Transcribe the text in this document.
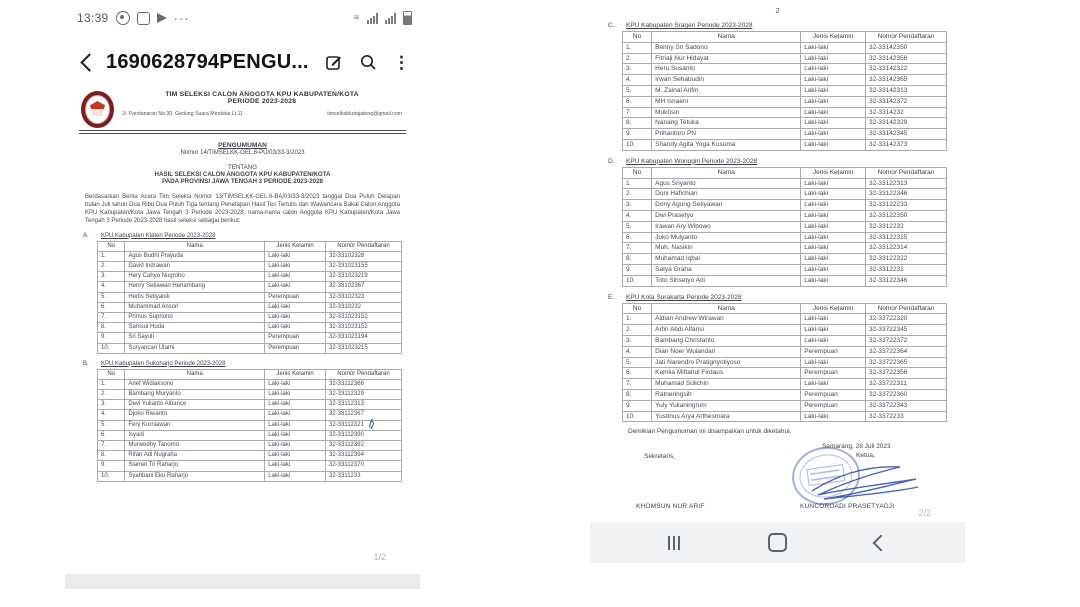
13:39	···	≋
1690628794PENGU...	⋮
TIM SELEKSI CALON ANGGOTA KPU KABUPATEN/KOTA
PERIODE 2023-2028
Jl. Pandanaran No.30, Gedung Suara Merdeka Lt.11	timselkabkotajateng@gmail.com
PENGUMUMAN
Nomor 14/TIMSELKK-GEL.6-PU/03/33-3/2023
TENTANG
HASIL SELEKSI CALON ANGGOTA KPU KABUPATEN/KOTA
PADA PROVINSI JAWA TENGAH 3 PERIODE 2023-2028
Berdasarkan Berita Acara Tim Seleksi Nomor 13/TIMSELKK-GEL.6-BA/03/33-3/2023 tanggal Dua Puluh Delapan bulan Juli tahun Dua Ribu Dua Puluh Tiga tentang Penetapan Hasil Tes Tertulis dan Wawancara Bakal Calon Anggota KPU Kabupaten/Kota Jawa Tengah 3 Periode 2023-2028, nama-nama calon Anggota KPU Kabupaten/Kota Jawa Tengah 3 Periode 2023-2028 hasil seleksi sebagai berikut:
A.	KPU Kabupaten Klaten Periode 2023-2028
No	Nama	Jenis Kelamin	Nomor Pendaftaran
1.	Agus Budhi Prayuda	Laki-laki	32-33102328
2.	David Indrawan	Laki-laki	32-331023155
3.	Hery Cahyo Nugroho	Laki-laki	32-331023219
4.	Henry Setiawan Herlambang	Laki-laki	32-33102367
5.	Herlis Setiyanik	Perempuan	32-33102323
6.	Muhammad Ansori	Laki-laki	32-3310232
7.	Primus Supriono	Laki-laki	32-331023152
8.	Samsul Huda	Laki-laki	32-331023152
9.	Sri Sayuti	Perempuan	32-331023194
10.	Suryancan Utami	Perempuan	32-331023215
B.	KPU Kabupaten Sukoharjo Periode 2023-2028
No	Nama	Jenis Kelamin	Nomor Pendaftaran
1.	Arief Widiaksono	Laki-laki	32-33112366
2.	Bambang Muryanto	Laki-laki	32-33112329
3.	Devi Yulianto Albance	Laki-laki	32-33112313
4.	Djoko Riwanto	Laki-laki	32-33112367
5.	Fery Kurniawan	Laki-laki	32-33112321
6.	Isyadi	Laki-laki	32-33112390
7.	Murwedhy Tanomo	Laki-laki	32-33112392
8.	Rifan Adi Nugraha	Laki-laki	32-33112394
9.	Slamet Tri Raharjo	Laki-laki	32-33112370
10.	Syahbani Eku Raharjo	Laki-laki	32-3311233
1/2
2
C.	KPU Kabupaten Sragen Periode 2023-2028
No	Nama	Jenis Kelamin	Nomor Pendaftaran
1.	Benny Sri Sadono	Laki-laki	32-33142350
2.	Fitriaji Nur Hidayat	Laki-laki	32-33142356
3.	Heru Susanto	Laki-laki	32-33142322
4.	Irwan Sehabudin	Laki-laki	32-33142365
5.	M. Zainal Arifin	Laki-laki	32-33142313
6.	MH Isnaeni	Laki-laki	32-33142372
7.	Mukhsin	Laki-laki	32-3314232
8.	Nanang Tetuka	Laki-laki	32-33142329
9.	Prihantoro PN	Laki-laki	32-33142345
10.	Shandy Agita Yoga Kusuma	Laki-laki	32-33142373
D.	KPU Kabupaten Wonogiri Periode 2023-2028
No	Nama	Jenis Kelamin	Nomor Pendaftaran
1.	Agus Sriyanto	Laki-laki	32-33122313
2.	Doni Hafichian	Laki-laki	32-33122346
3.	Dony Agung Setiyawan	Laki-laki	32-33122233
4.	Dwi Prasetyo	Laki-laki	32-33122350
5.	Irawan Ary Wibowo	Laki-laki	32-3312232
6.	Joko Mulyanto	Laki-laki	32-33122315
7.	Muh. Nasikin	Laki-laki	32-33122314
8.	Muhamad Iqbal	Laki-laki	32-33122322
9.	Satya Graha	Laki-laki	32-3312231
10.	Toto Sihsetyo Adi	Laki-laki	32-33122346
E.	KPU Kota Surakarta Periode 2023-2028
No	Nama	Jenis Kelamin	Nomor Pendaftaran
1.	Aldian Andrew Wirawan	Laki-laki	32-33722320
2.	Arfin Abdi Alfarisi	Laki-laki	32-33722345
3.	Bambang Christanto	Laki-laki	32-33722372
4.	Dian Noer Wulandari	Perempuan	32-33722364
5.	Jati Narendro Pratignyotiyoso	Laki-laki	32-33722365
6.	Kamila Miftahul Firdaus	Perempuan	32-33722356
7.	Muhamad Solichin	Laki-laki	32-33722311
8.	Ratneringsih	Perempuan	32-33722360
9.	Yuly Yulianingrum	Perempuan	32-33722343
10.	Yustinus Arya Arthesmara	Laki-laki	32-3372233
Demikian Pengumuman ini disampaikan untuk diketahui.
Sekretaris,
KHOMSUN NUR ARIF
Semarang, 28 Juli 2023
Ketua,
KUNCOROADI PRASETYADJI
2/2
